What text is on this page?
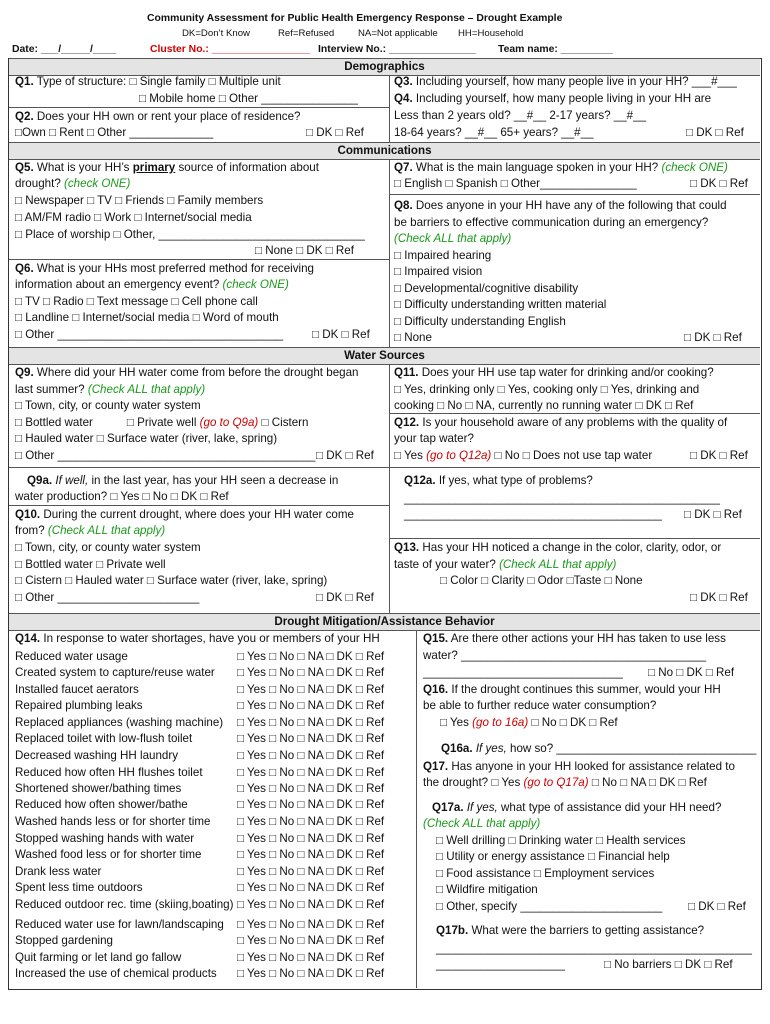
Community Assessment for Public Health Emergency Response – Drought Example
DK=Don’t Know	Ref=Refused NA=Not applicable HH=Household
Date: ___/_____/____	Cluster No.: _________________ Interview No.: _______________ Team name: _________
Demographics
Communications
Water Sources
Drought Mitigation/Assistance Behavior
Q1. Type of structure: □ Single family □ Multiple unit
□ Mobile home □ Other _______________
Q2. Does your HH own or rent your place of residence?
□Own □ Rent □ Other _____________	□ DK □ Ref
Q3. Including yourself, how many people live in your HH? ___#___
Q4. Including yourself, how many people living in your HH are
Less than 2 years old? __#__ 2-17 years? __#__
18-64 years? __#__ 65+ years? __#__	□ DK □ Ref
Q5. What is your HH’s primary source of information about
drought? (check ONE)
□ Newspaper □ TV □ Friends □ Family members
□ AM/FM radio □ Work □ Internet/social media
□ Place of worship □ Other, ________________________________
□ None □ DK □ Ref
Q6. What is your HHs most preferred method for receiving
information about an emergency event? (check ONE)
□ TV □ Radio □ Text message □ Cell phone call
□ Landline □ Internet/social media □ Word of mouth
□ Other ___________________________________ □ DK □ Ref
Q7. What is the main language spoken in your HH? (check ONE)
□ English □ Spanish □ Other_______________	□ DK □ Ref
Q8. Does anyone in your HH have any of the following that could
be barriers to effective communication during an emergency?
(Check ALL that apply)
□ Impaired hearing
□ Impaired vision
□ Developmental/cognitive disability
□ Difficulty understanding written material
□ Difficulty understanding English
□ None	□ DK □ Ref
Q9. Where did your HH water come from before the drought began
last summer? (Check ALL that apply)
□ Town, city, or county water system
□ Bottled water	□ Private well (go to Q9a) □ Cistern
□ Hauled water □ Surface water (river, lake, spring)
□ Other ________________________________________ □ DK □ Ref
Q9a. If well, in the last year, has your HH seen a decrease in
water production? □ Yes □ No □ DK □ Ref
Q10. During the current drought, where does your HH water come
from? (Check ALL that apply)
□ Town, city, or county water system
□ Bottled water □ Private well
□ Cistern □ Hauled water □ Surface water (river, lake, spring)
□ Other ______________________	□ DK □ Ref
Q11. Does your HH use tap water for drinking and/or cooking?
□ Yes, drinking only □ Yes, cooking only □ Yes, drinking and
cooking □ No □ NA, currently no running water □ DK □ Ref
Q12. Is your household aware of any problems with the quality of
your tap water?
□ Yes (go to Q12a) □ No □ Does not use tap water	□ DK □ Ref
Q12a. If yes, what type of problems?
_________________________________________________
________________________________________ □ DK □ Ref
Q13. Has your HH noticed a change in the color, clarity, odor, or
taste of your water? (Check ALL that apply)
□ Color □ Clarity □ Odor □Taste □ None
□ DK □ Ref
Q14. In response to water shortages, have you or members of your HH
Reduced water usage	□ Yes □ No □ NA □ DK □ Ref
Created system to capture/reuse water □ Yes □ No □ NA □ DK □ Ref
Installed faucet aerators	□ Yes □ No □ NA □ DK □ Ref
Repaired plumbing leaks	□ Yes □ No □ NA □ DK □ Ref
Replaced appliances (washing machine) □ Yes □ No □ NA □ DK □ Ref
Replaced toilet with low-flush toilet	□ Yes □ No □ NA □ DK □ Ref
Decreased washing HH laundry	□ Yes □ No □ NA □ DK □ Ref
Reduced how often HH flushes toilet	□ Yes □ No □ NA □ DK □ Ref
Shortened shower/bathing times	□ Yes □ No □ NA □ DK □ Ref
Reduced how often shower/bathe	□ Yes □ No □ NA □ DK □ Ref
Washed hands less or for shorter time □ Yes □ No □ NA □ DK □ Ref
Stopped washing hands with water	□ Yes □ No □ NA □ DK □ Ref
Washed food less or for shorter time	□ Yes □ No □ NA □ DK □ Ref
Drank less water	□ Yes □ No □ NA □ DK □ Ref
Spent less time outdoors	□ Yes □ No □ NA □ DK □ Ref
Reduced outdoor rec. time (skiing,boating) □ Yes □ No □ NA □ DK □ Ref
Reduced water use for lawn/landscaping □ Yes □ No □ NA □ DK □ Ref
Stopped gardening	□ Yes □ No □ NA □ DK □ Ref
Quit farming or let land go fallow	□ Yes □ No □ NA □ DK □ Ref
Increased the use of chemical products □ Yes □ No □ NA □ DK □ Ref
Q15. Are there other actions your HH has taken to use less
water? ______________________________________
_______________________________ □ No □ DK □ Ref
Q16. If the drought continues this summer, would your HH
be able to further reduce water consumption?
□ Yes (go to 16a) □ No □ DK □ Ref
Q16a. If yes, how so? _______________________________
Q17. Has anyone in your HH looked for assistance related to
the drought? □ Yes (go to Q17a) □ No □ NA □ DK □ Ref
Q17a. If yes, what type of assistance did your HH need?
(Check ALL that apply)
□ Well drilling □ Drinking water □ Health services
□ Utility or energy assistance □ Financial help
□ Food assistance □ Employment services
□ Wildfire mitigation
□ Other, specify ______________________ □ DK □ Ref
Q17b. What were the barriers to getting assistance?
_________________________________________________
____________________	□ No barriers □ DK □ Ref
